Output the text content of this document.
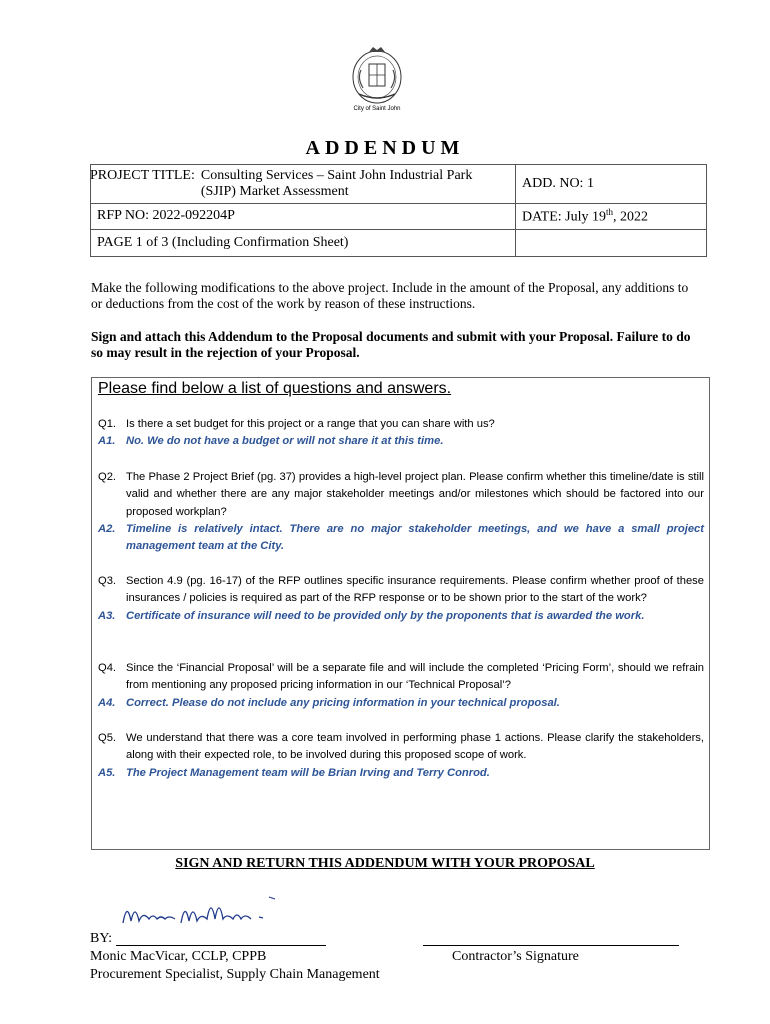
City of Saint John
ADDENDUM
PROJECT TITLE: Consulting Services – Saint John Industrial Park (SJIP) Market Assessment	ADD. NO: 1
RFP NO: 2022-092204P	DATE: July 19th, 2022
PAGE 1 of 3 (Including Confirmation Sheet)	
Make the following modifications to the above project. Include in the amount of the Proposal, any additions to or deductions from the cost of the work by reason of these instructions.
Sign and attach this Addendum to the Proposal documents and submit with your Proposal. Failure to do so may result in the rejection of your Proposal.
Please find below a list of questions and answers.
Q1. Is there a set budget for this project or a range that you can share with us?
A1. No. We do not have a budget or will not share it at this time.
Q2. The Phase 2 Project Brief (pg. 37) provides a high-level project plan. Please confirm whether this timeline/date is still valid and whether there are any major stakeholder meetings and/or milestones which should be factored into our proposed workplan?
A2. Timeline is relatively intact. There are no major stakeholder meetings, and we have a small project management team at the City.
Q3. Section 4.9 (pg. 16-17) of the RFP outlines specific insurance requirements. Please confirm whether proof of these insurances / policies is required as part of the RFP response or to be shown prior to the start of the work?
A3. Certificate of insurance will need to be provided only by the proponents that is awarded the work.
Q4. Since the ‘Financial Proposal’ will be a separate file and will include the completed ‘Pricing Form’, should we refrain from mentioning any proposed pricing information in our ‘Technical Proposal’?
A4. Correct. Please do not include any pricing information in your technical proposal.
Q5. We understand that there was a core team involved in performing phase 1 actions. Please clarify the stakeholders, along with their expected role, to be involved during this proposed scope of work.
A5. The Project Management team will be Brian Irving and Terry Conrod.
SIGN AND RETURN THIS ADDENDUM WITH YOUR PROPOSAL
BY:
Monic MacVicar, CCLP, CPPB
Procurement Specialist, Supply Chain Management
Contractor’s Signature
